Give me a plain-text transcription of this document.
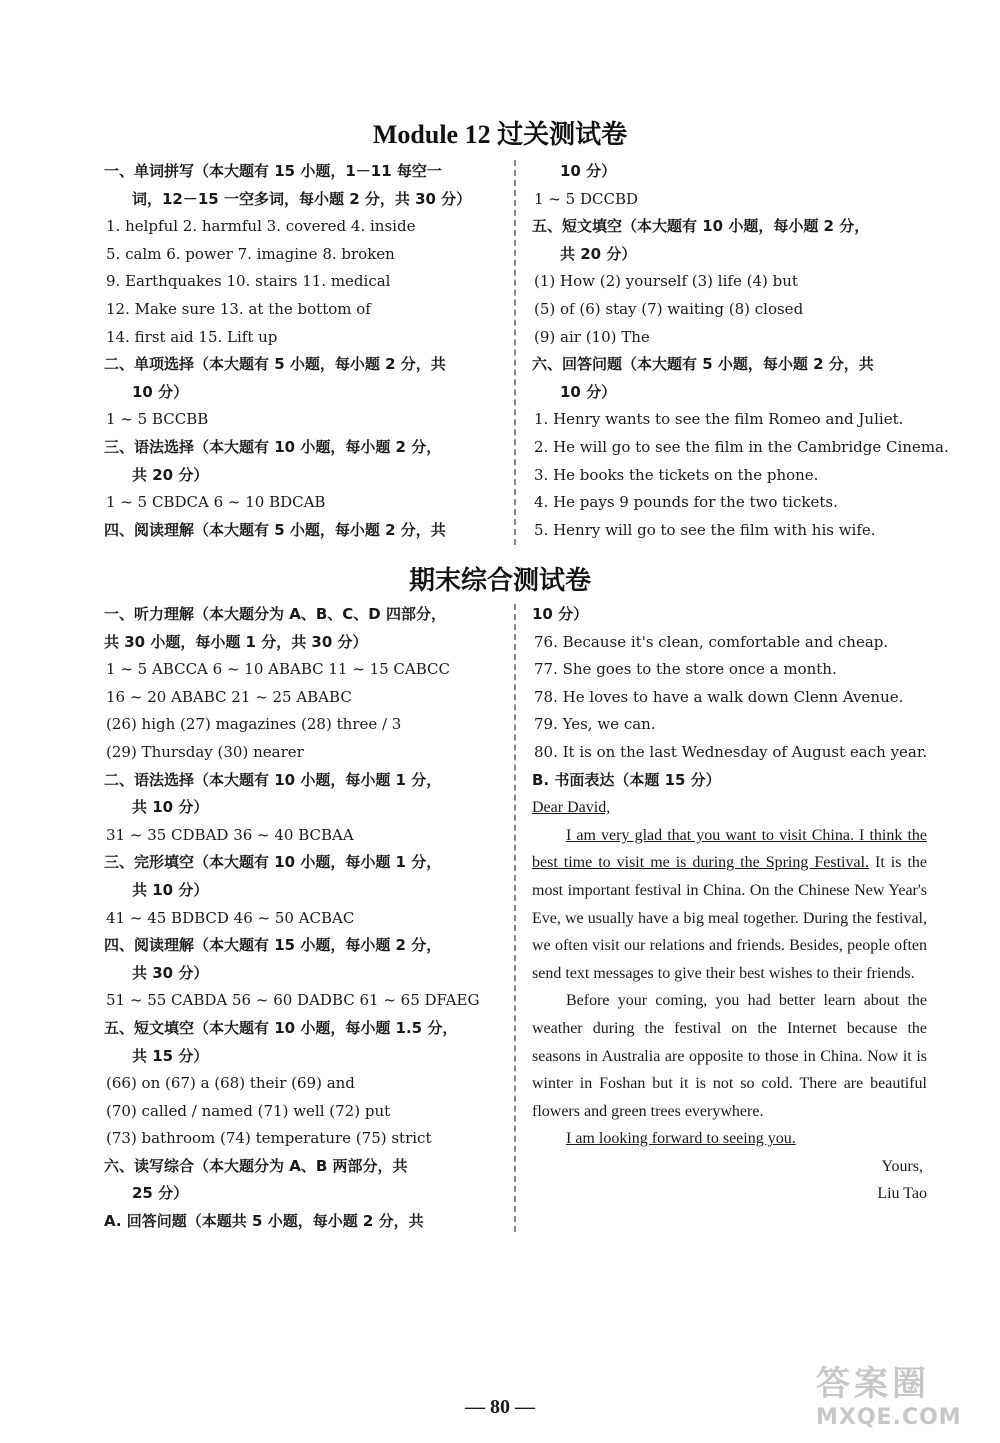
Module 12 过关测试卷
一、单词拼写（本大题有 15 小题，1－11 每空一
词，12－15 一空多词，每小题 2 分，共 30 分）
1. helpful 2. harmful 3. covered 4. inside
5. calm 6. power 7. imagine 8. broken
9. Earthquakes 10. stairs 11. medical
12. Make sure 13. at the bottom of
14. first aid 15. Lift up
二、单项选择（本大题有 5 小题，每小题 2 分，共
10 分）
1 ~ 5 BCCBB
三、语法选择（本大题有 10 小题，每小题 2 分，
共 20 分）
1 ~ 5 CBDCA 6 ~ 10 BDCAB
四、阅读理解（本大题有 5 小题，每小题 2 分，共
10 分）
1 ~ 5 DCCBD
五、短文填空（本大题有 10 小题，每小题 2 分，
共 20 分）
(1) How (2) yourself (3) life (4) but
(5) of (6) stay (7) waiting (8) closed
(9) air (10) The
六、回答问题（本大题有 5 小题，每小题 2 分，共
10 分）
1. Henry wants to see the film Romeo and Juliet.
2. He will go to see the film in the Cambridge Cinema.
3. He books the tickets on the phone.
4. He pays 9 pounds for the two tickets.
5. Henry will go to see the film with his wife.
期末综合测试卷
一、听力理解（本大题分为 A、B、C、D 四部分，
共 30 小题，每小题 1 分，共 30 分）
1 ~ 5 ABCCA 6 ~ 10 ABABC 11 ~ 15 CABCC
16 ~ 20 ABABC 21 ~ 25 ABABC
(26) high (27) magazines (28) three / 3
(29) Thursday (30) nearer
二、语法选择（本大题有 10 小题，每小题 1 分，
共 10 分）
31 ~ 35 CDBAD 36 ~ 40 BCBAA
三、完形填空（本大题有 10 小题，每小题 1 分，
共 10 分）
41 ~ 45 BDBCD 46 ~ 50 ACBAC
四、阅读理解（本大题有 15 小题，每小题 2 分，
共 30 分）
51 ~ 55 CABDA 56 ~ 60 DADBC 61 ~ 65 DFAEG
五、短文填空（本大题有 10 小题，每小题 1.5 分，
共 15 分）
(66) on (67) a (68) their (69) and
(70) called / named (71) well (72) put
(73) bathroom (74) temperature (75) strict
六、读写综合（本大题分为 A、B 两部分，共
25 分）
A. 回答问题（本题共 5 小题，每小题 2 分，共
10 分）
76. Because it's clean, comfortable and cheap.
77. She goes to the store once a month.
78. He loves to have a walk down Clenn Avenue.
79. Yes, we can.
80. It is on the last Wednesday of August each year.
B. 书面表达（本题 15 分）
Dear David,
I am very glad that you want to visit China. I think the best time to visit me is during the Spring Festival. It is the most important festival in China. On the Chinese New Year's Eve, we usually have a big meal together. During the festival, we often visit our relations and friends. Besides, people often send text messages to give their best wishes to their friends.
Before your coming, you had better learn about the weather during the festival on the Internet because the seasons in Australia are opposite to those in China. Now it is winter in Foshan but it is not so cold. There are beautiful flowers and green trees everywhere.
I am looking forward to seeing you.
Yours,
Liu Tao
— 80 —
答案圈
MXQE.COM
